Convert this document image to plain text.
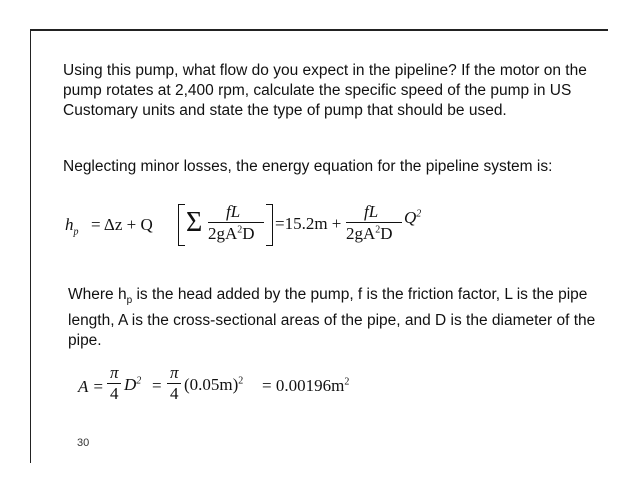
Using this pump, what flow do you expect in the pipeline? If the motor on the pump rotates at 2,400 rpm, calculate the specific speed of the pump in US Customary units and state the type of pump that should be used.

Neglecting minor losses, the energy equation for the pipeline system is:

$h_p = \Delta z + Q$ Σ fL
$2gA^2D$
=15.2m +
fL
$2gA^2D$
$Q^2$

Where $h_p$ is the head added by the pump, f is the friction factor, L is the pipe length, A is the cross-sectional areas of the pipe, and D is the diameter of the pipe.

A =
π
4 $D^2$ =
π
4 $(0.05m)^2 = 0.00196m^2$
30
